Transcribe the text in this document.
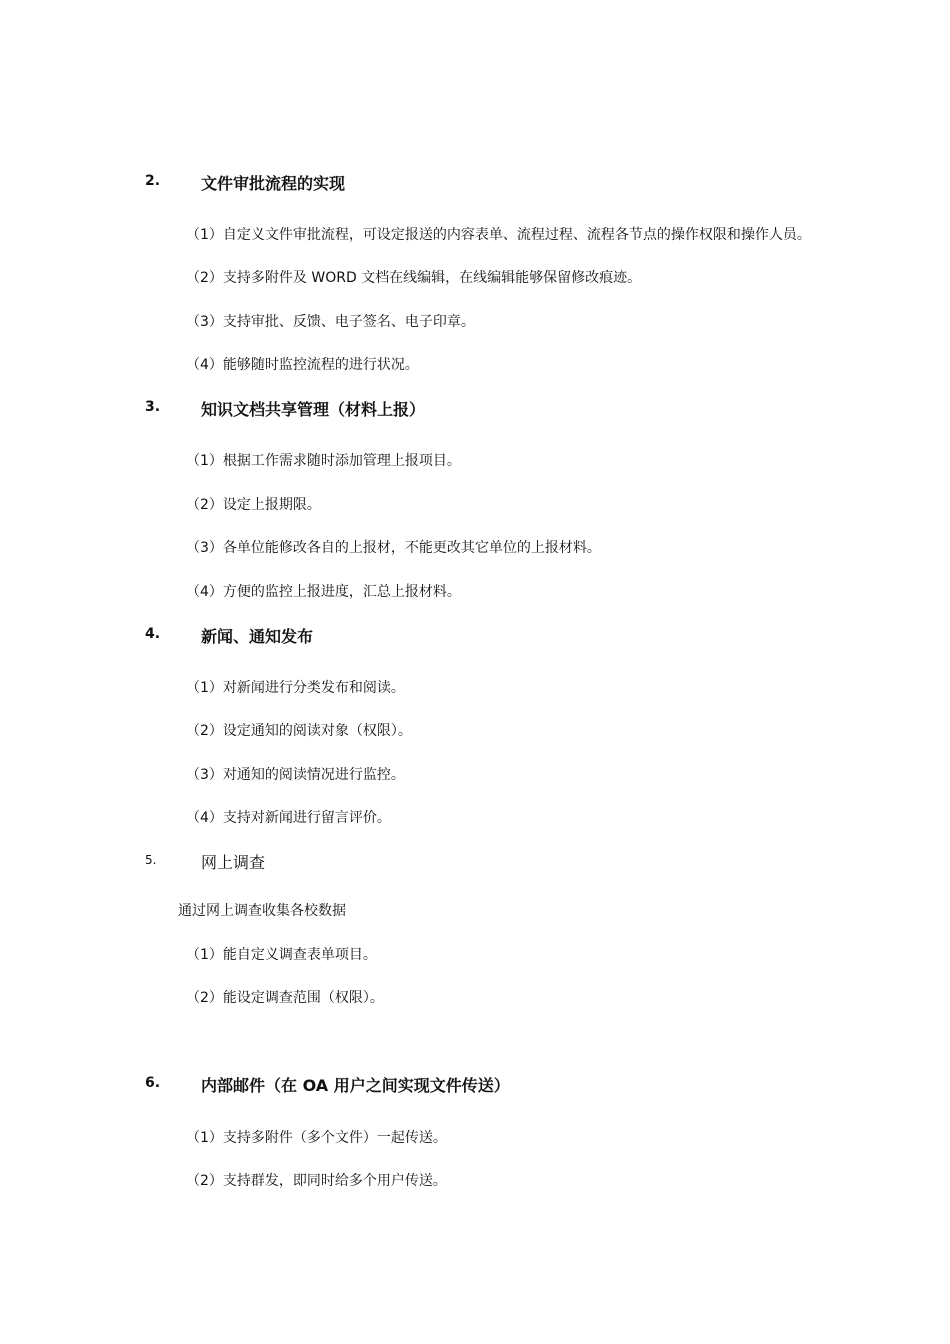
2.	文件审批流程的实现
（1）自定义文件审批流程，可设定报送的内容表单、流程过程、流程各节点的操作权限和操作人员。
（2）支持多附件及 WORD 文档在线编辑，在线编辑能够保留修改痕迹。
（3）支持审批、反馈、电子签名、电子印章。
（4）能够随时监控流程的进行状况。
3.	知识文档共享管理（材料上报）
（1）根据工作需求随时添加管理上报项目。
（2）设定上报期限。
（3）各单位能修改各自的上报材，不能更改其它单位的上报材料。
（4）方便的监控上报进度，汇总上报材料。
4.	新闻、通知发布
（1）对新闻进行分类发布和阅读。
（2）设定通知的阅读对象（权限）。
（3）对通知的阅读情况进行监控。
（4）支持对新闻进行留言评价。
5.	网上调查
通过网上调查收集各校数据
（1）能自定义调查表单项目。
（2）能设定调查范围（权限）。
6.	内部邮件（在 OA 用户之间实现文件传送）
（1）支持多附件（多个文件）一起传送。
（2）支持群发，即同时给多个用户传送。
